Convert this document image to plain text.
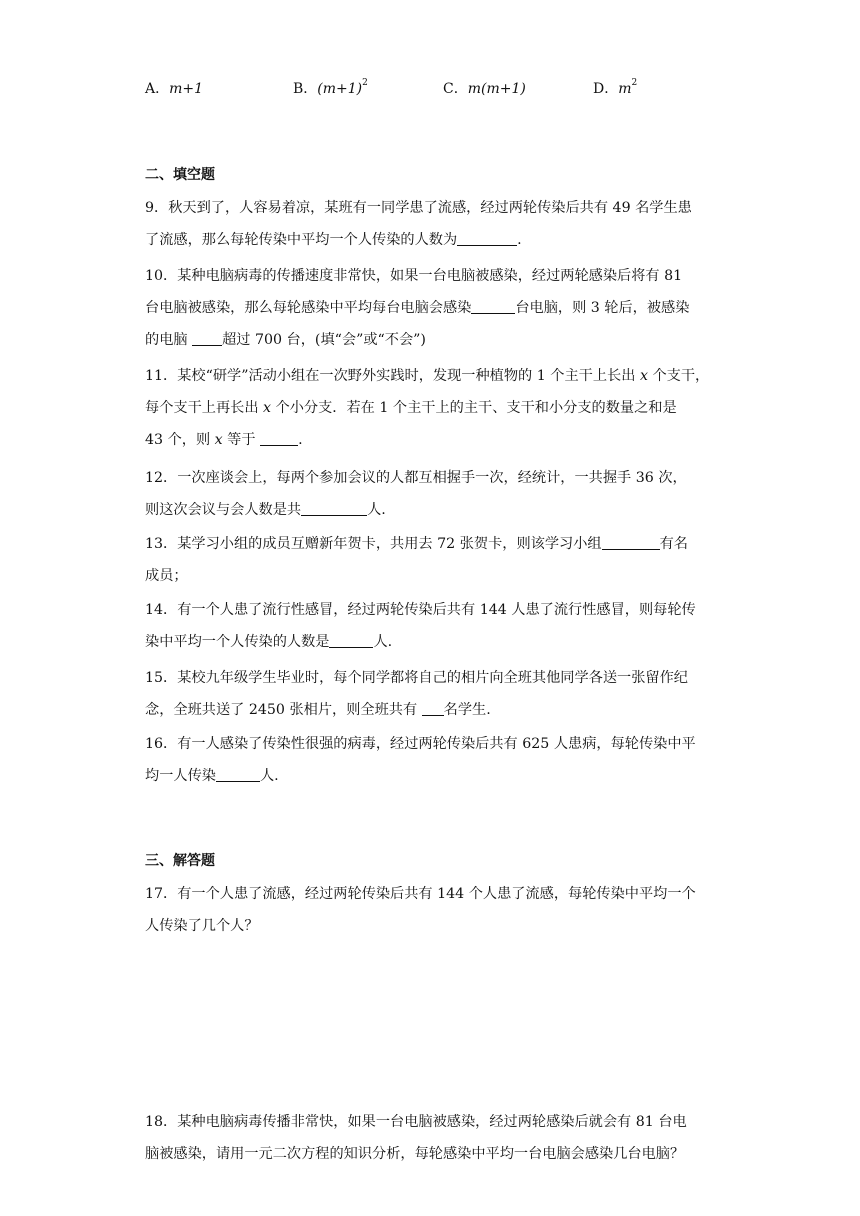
A．m+1	B．$(m+1)^2$	C．m(m+1)	D．$m^2$
二、填空题
9．秋天到了，人容易着凉，某班有一同学患了流感，经过两轮传染后共有 49 名学生患
了流感，那么每轮传染中平均一个人传染的人数为	.
10．某种电脑病毒的传播速度非常快，如果一台电脑被感染，经过两轮感染后将有 81
台电脑被感染，那么每轮感染中平均每台电脑会感染	台电脑，则 3 轮后，被感染
的电脑 超过 700 台，(填“会”或“不会”)
11．某校“研学”活动小组在一次野外实践时，发现一种植物的 1 个主干上长出 x 个支干，
每个支干上再长出 x 个小分支．若在 1 个主干上的主干、支干和小分支的数量之和是
43 个，则 x 等于	.
12．一次座谈会上，每两个参加会议的人都互相握手一次，经统计，一共握手 36 次，
则这次会议与会人数是共	人.
13．某学习小组的成员互赠新年贺卡，共用去 72 张贺卡，则该学习小组	有名
成员；
14．有一个人患了流行性感冒，经过两轮传染后共有 144 人患了流行性感冒，则每轮传
染中平均一个人传染的人数是	人.
15．某校九年级学生毕业时，每个同学都将自己的相片向全班其他同学各送一张留作纪
念，全班共送了 2450 张相片，则全班共有 名学生.
16．有一人感染了传染性很强的病毒，经过两轮传染后共有 625 人患病，每轮传染中平
均一人传染	人.
三、解答题
17．有一个人患了流感，经过两轮传染后共有 144 个人患了流感，每轮传染中平均一个
人传染了几个人？
18．某种电脑病毒传播非常快，如果一台电脑被感染，经过两轮感染后就会有 81 台电
脑被感染，请用一元二次方程的知识分析，每轮感染中平均一台电脑会感染几台电脑？
